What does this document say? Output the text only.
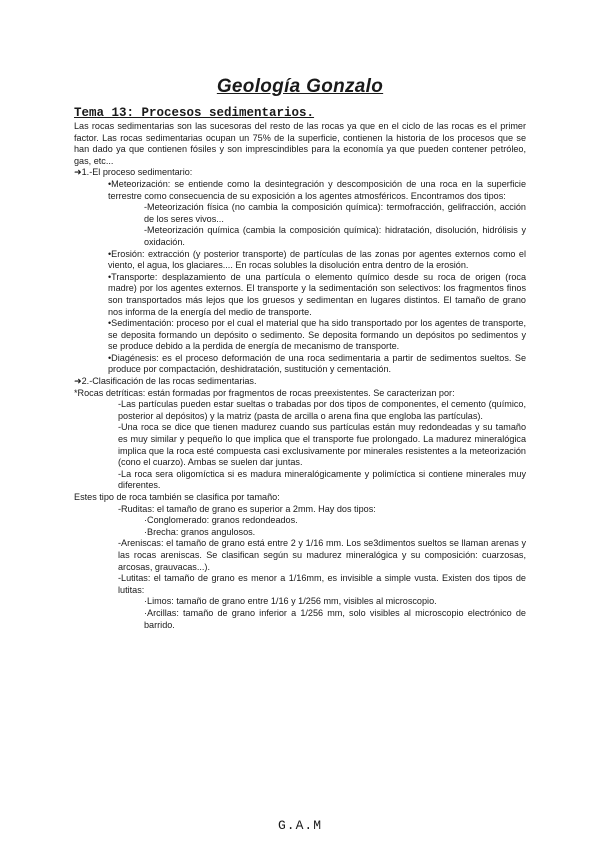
Geología Gonzalo
Tema 13: Procesos sedimentarios.

Las rocas sedimentarias son las sucesoras del resto de las rocas ya que en el ciclo de las rocas es el primer factor. Las rocas sedimentarias ocupan un 75% de la superficie, contienen la historia de los procesos que se han dado ya que contienen fósiles y son imprescindibles para la economía ya que pueden contener petróleo, gas, etc...

➜1.-El proceso sedimentario:

•Meteorización: se entiende como la desintegración y descomposición de una roca en la superficie terrestre como consecuencia de su exposición a los agentes atmosféricos. Encontramos dos tipos:

-Meteorización física (no cambia la composición química): termofracción, gelifracción, acción de los seres vivos...

-Meteorización química (cambia la composición química): hidratación, disolución, hidrólisis y oxidación.

•Erosión: extracción (y posterior transporte) de partículas de las zonas por agentes externos como el viento, el agua, los glaciares.... En rocas solubles la disolución entra dentro de la erosión.

•Transporte: desplazamiento de una partícula o elemento químico desde su roca de origen (roca madre) por los agentes externos. El transporte y la sedimentación son selectivos: los fragmentos finos son transportados más lejos que los gruesos y sedimentan en lugares distintos. El tamaño de grano nos informa de la energía del medio de transporte.

•Sedimentación: proceso por el cual el material que ha sido transportado por los agentes de transporte, se deposita formando un depósito o sedimento. Se deposita formando un depósitos po sedimentos y se produce debido a la perdida de energía de mecanismo de transporte.

•Diagénesis: es el proceso deformación de una roca sedimentaria a partir de sedimentos sueltos. Se produce por compactación, deshidratación, sustitución y cementación.

➜2.-Clasificación de las rocas sedimentarias.

*Rocas detríticas: están formadas por fragmentos de rocas preexistentes. Se caracterizan por:

-Las partículas pueden estar sueltas o trabadas por dos tipos de componentes, el cemento (químico, posterior al depósitos) y la matriz (pasta de arcilla o arena fina que engloba las partículas).

-Una roca se dice que tienen madurez cuando sus partículas están muy redondeadas y su tamaño es muy similar y pequeño lo que implica que el transporte fue prolongado. La madurez mineralógica implica que la roca esté compuesta casi exclusivamente por minerales resistentes a la meteorización (cono el cuarzo). Ambas se suelen dar juntas.

-La roca sera oligomíctica si es madura mineralógicamente y polimíctica si contiene minerales muy diferentes.

Estes tipo de roca también se clasifica por tamaño:

-Ruditas: el tamaño de grano es superior a 2mm. Hay dos tipos:

·Conglomerado: granos redondeados.

·Brecha: granos angulosos.

-Areniscas: el tamaño de grano está entre 2 y 1/16 mm. Los se3dimentos sueltos se llaman arenas y las rocas areniscas. Se clasifican según su madurez mineralógica y su composición: cuarzosas, arcosas, grauvacas...).

-Lutitas: el tamaño de grano es menor a 1/16mm, es invisible a simple vusta. Existen dos tipos de lutitas:

·Limos: tamaño de grano entre 1/16 y 1/256 mm, visibles al microscopio.

·Arcillas: tamaño de grano inferior a 1/256 mm, solo visibles al microscopio electrónico de barrido.

G.A.M
